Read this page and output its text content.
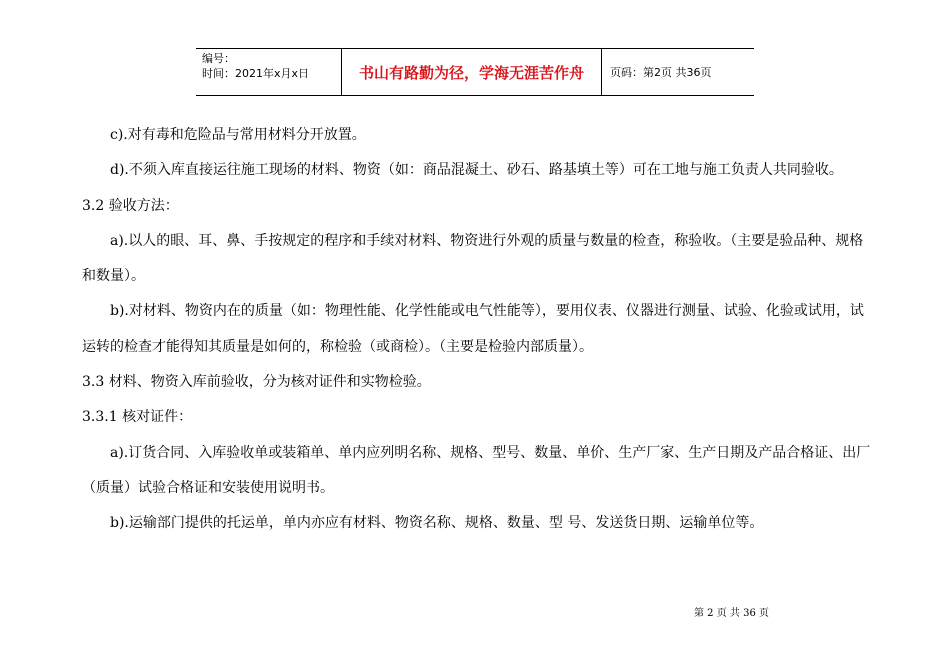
编号：
时间：2021年x月x日	书山有路勤为径，学海无涯苦作舟	页码：第2页 共36页

c).对有毒和危险品与常用材料分开放置。

d).不须入库直接运往施工现场的材料、物资（如：商品混凝土、砂石、路基填土等）可在工地与施工负责人共同验收。

3.2 验收方法：

a).以人的眼、耳、鼻、手按规定的程序和手续对材料、物资进行外观的质量与数量的检查，称验收。（主要是验品种、规格和数量）。

b).对材料、物资内在的质量（如：物理性能、化学性能或电气性能等），要用仪表、仪器进行测量、试验、化验或试用，试运转的检查才能得知其质量是如何的，称检验（或商检）。（主要是检验内部质量）。

3.3 材料、物资入库前验收，分为核对证件和实物检验。

3.3.1 核对证件：

a).订货合同、入库验收单或装箱单、单内应列明名称、规格、型号、数量、单价、生产厂家、生产日期及产品合格证、出厂（质量）试验合格证和安装使用说明书。

b).运输部门提供的托运单，单内亦应有材料、物资名称、规格、数量、型 号、发送货日期、运输单位等。

第 2 页 共 36 页
